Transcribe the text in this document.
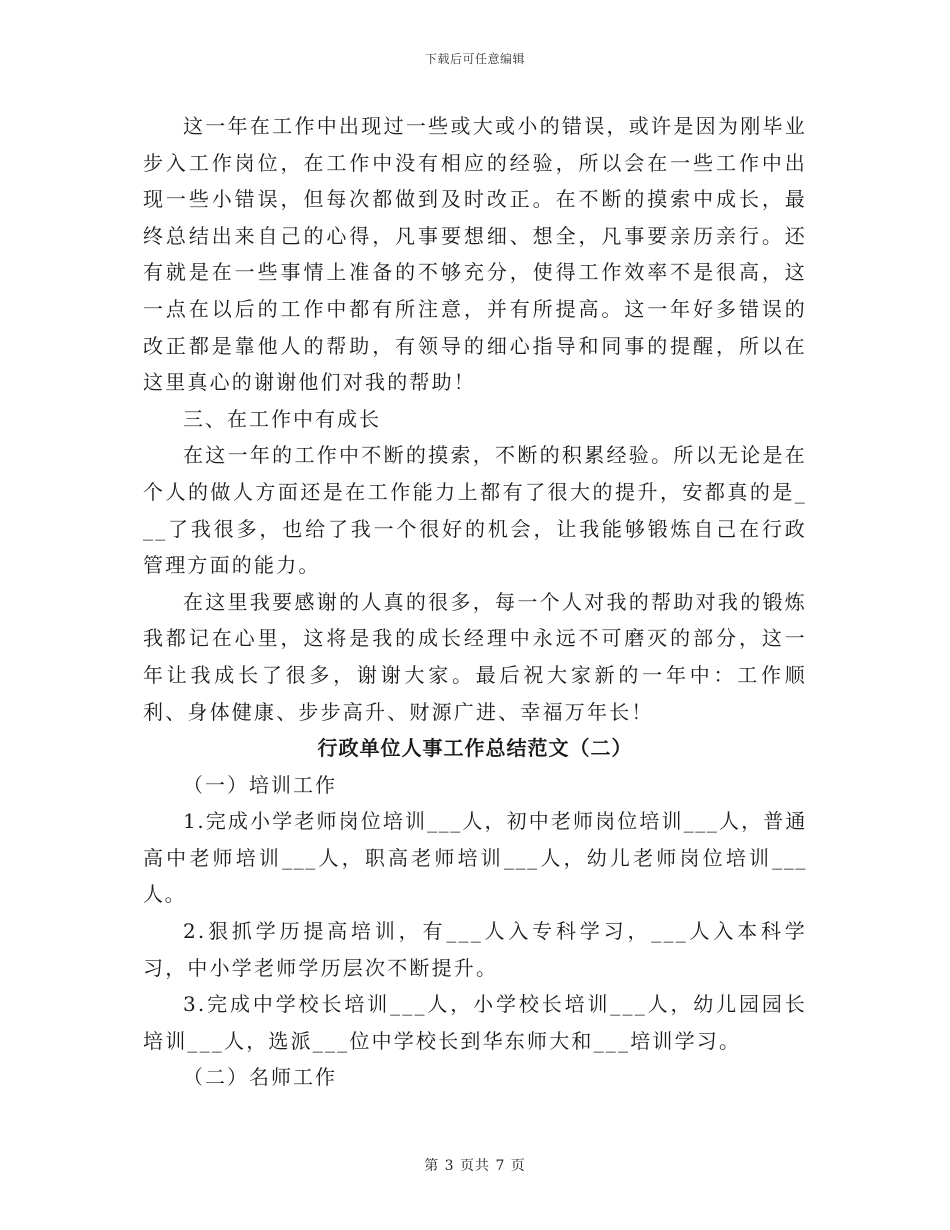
下载后可任意编辑

这一年在工作中出现过一些或大或小的错误，或许是因为刚毕业步入工作岗位，在工作中没有相应的经验，所以会在一些工作中出现一些小错误，但每次都做到及时改正。在不断的摸索中成长，最终总结出来自己的心得，凡事要想细、想全，凡事要亲历亲行。还有就是在一些事情上准备的不够充分，使得工作效率不是很高，这一点在以后的工作中都有所注意，并有所提高。这一年好多错误的改正都是靠他人的帮助，有领导的细心指导和同事的提醒，所以在这里真心的谢谢他们对我的帮助！

三、在工作中有成长

在这一年的工作中不断的摸索，不断的积累经验。所以无论是在个人的做人方面还是在工作能力上都有了很大的提升，安都真的是___了我很多，也给了我一个很好的机会，让我能够锻炼自己在行政管理方面的能力。

在这里我要感谢的人真的很多，每一个人对我的帮助对我的锻炼我都记在心里，这将是我的成长经理中永远不可磨灭的部分，这一年让我成长了很多，谢谢大家。最后祝大家新的一年中：工作顺利、身体健康、步步高升、财源广进、幸福万年长！

行政单位人事工作总结范文（二）

（一）培训工作

1.完成小学老师岗位培训___人，初中老师岗位培训___人，普通高中老师培训___人，职高老师培训___人，幼儿老师岗位培训___人。

2.狠抓学历提高培训，有___人入专科学习，___人入本科学习，中小学老师学历层次不断提升。

3.完成中学校长培训___人，小学校长培训___人，幼儿园园长培训___人，选派___位中学校长到华东师大和___培训学习。

（二）名师工作

第 3 页共 7 页
